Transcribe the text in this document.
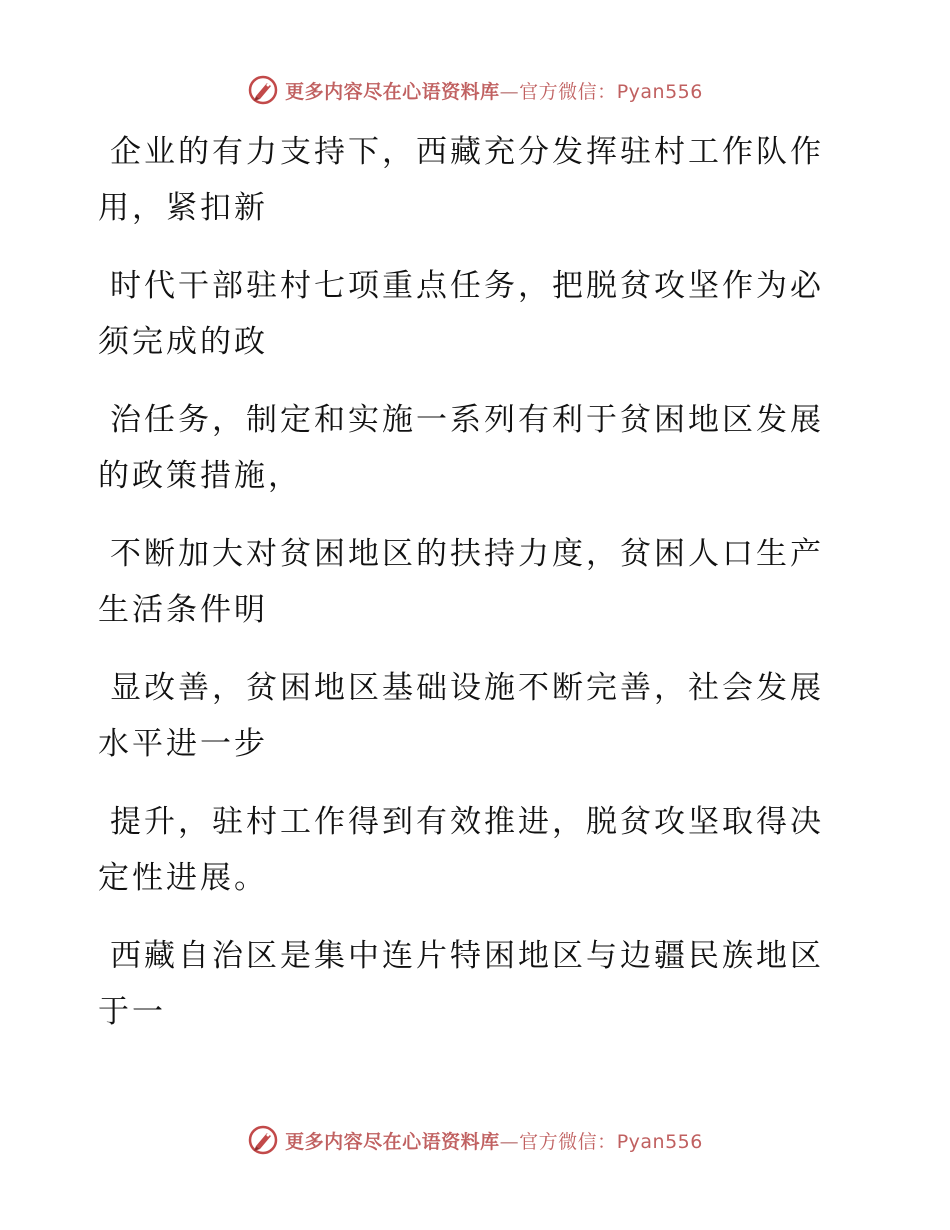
更多内容尽在心语资料库—官方微信：Pyan556

企业的有力支持下，西藏充分发挥驻村工作队作
用，紧扣新

时代干部驻村七项重点任务，把脱贫攻坚作为必
须完成的政

治任务，制定和实施一系列有利于贫困地区发展
的政策措施，

不断加大对贫困地区的扶持力度，贫困人口生产
生活条件明

显改善，贫困地区基础设施不断完善，社会发展
水平进一步

提升，驻村工作得到有效推进，脱贫攻坚取得决
定性进展。

西藏自治区是集中连片特困地区与边疆民族地区
于一

更多内容尽在心语资料库—官方微信：Pyan556
